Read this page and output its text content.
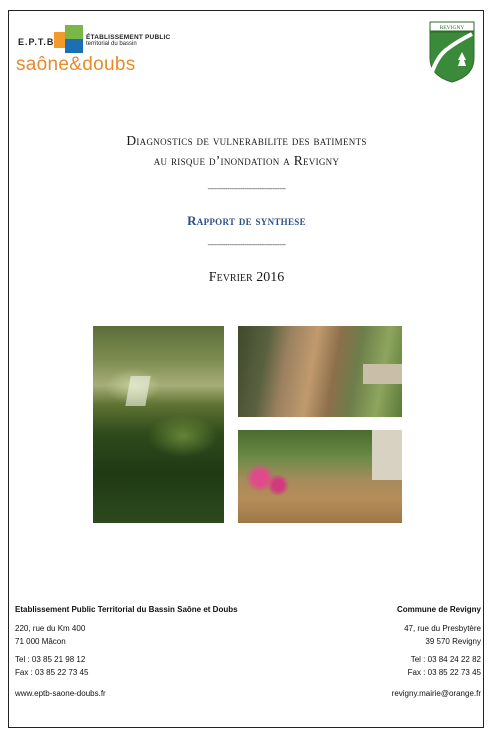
E.P.T.B	ÉTABLISSEMENT PUBLIC
territorial du bassin
saône&doubs
REVIGNY
Diagnostics de vulnerabilite des batiments
au risque d’inondation a Revigny
------------------------------------
Rapport de synthese
------------------------------------
Fevrier 2016
Etablissement Public Territorial du Bassin Saône et Doubs
220, rue du Km 400
71 000 Mâcon
Tel : 03 85 21 98 12
Fax : 03 85 22 73 45
www.eptb-saone-doubs.fr
Commune de Revigny
47, rue du Presbytère
39 570 Revigny
Tel : 03 84 24 22 82
Fax : 03 85 22 73 45
revigny.mairie@orange.fr
